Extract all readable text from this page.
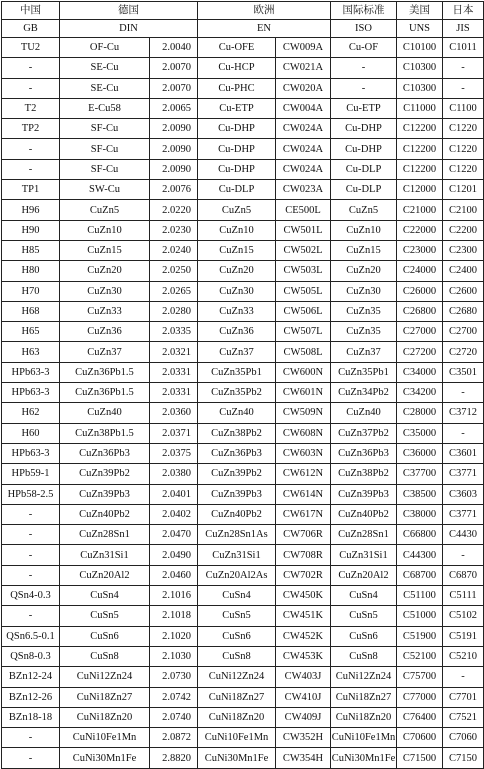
中国	德国		欧洲		国际标准	美国	日本
GB	DIN		EN		ISO	UNS	JIS
TU2	OF-Cu	2.0040	Cu-OFE	CW009A	Cu-OF	C10100	C1011
-	SE-Cu	2.0070	Cu-HCP	CW021A	-	C10300	-
-	SE-Cu	2.0070	Cu-PHC	CW020A	-	C10300	-
T2	E-Cu58	2.0065	Cu-ETP	CW004A	Cu-ETP	C11000	C1100
TP2	SF-Cu	2.0090	Cu-DHP	CW024A	Cu-DHP	C12200	C1220
-	SF-Cu	2.0090	Cu-DHP	CW024A	Cu-DHP	C12200	C1220
-	SF-Cu	2.0090	Cu-DHP	CW024A	Cu-DLP	C12200	C1220
TP1	SW-Cu	2.0076	Cu-DLP	CW023A	Cu-DLP	C12000	C1201
H96	CuZn5	2.0220	CuZn5	CE500L	CuZn5	C21000	C2100
H90	CuZn10	2.0230	CuZn10	CW501L	CuZn10	C22000	C2200
H85	CuZn15	2.0240	CuZn15	CW502L	CuZn15	C23000	C2300
H80	CuZn20	2.0250	CuZn20	CW503L	CuZn20	C24000	C2400
H70	CuZn30	2.0265	CuZn30	CW505L	CuZn30	C26000	C2600
H68	CuZn33	2.0280	CuZn33	CW506L	CuZn35	C26800	C2680
H65	CuZn36	2.0335	CuZn36	CW507L	CuZn35	C27000	C2700
H63	CuZn37	2.0321	CuZn37	CW508L	CuZn37	C27200	C2720
HPb63-3	CuZn36Pb1.5	2.0331	CuZn35Pb1	CW600N	CuZn35Pb1	C34000	C3501
HPb63-3	CuZn36Pb1.5	2.0331	CuZn35Pb2	CW601N	CuZn34Pb2	C34200	-
H62	CuZn40	2.0360	CuZn40	CW509N	CuZn40	C28000	C3712
H60	CuZn38Pb1.5	2.0371	CuZn38Pb2	CW608N	CuZn37Pb2	C35000	-
HPb63-3	CuZn36Pb3	2.0375	CuZn36Pb3	CW603N	CuZn36Pb3	C36000	C3601
HPb59-1	CuZn39Pb2	2.0380	CuZn39Pb2	CW612N	CuZn38Pb2	C37700	C3771
HPb58-2.5	CuZn39Pb3	2.0401	CuZn39Pb3	CW614N	CuZn39Pb3	C38500	C3603
-	CuZn40Pb2	2.0402	CuZn40Pb2	CW617N	CuZn40Pb2	C38000	C3771
-	CuZn28Sn1	2.0470	CuZn28Sn1As	CW706R	CuZn28Sn1	C66800	C4430
-	CuZn31Si1	2.0490	CuZn31Si1	CW708R	CuZn31Si1	C44300	-
-	CuZn20Al2	2.0460	CuZn20Al2As	CW702R	CuZn20Al2	C68700	C6870
QSn4-0.3	CuSn4	2.1016	CuSn4	CW450K	CuSn4	C51100	C5111
-	CuSn5	2.1018	CuSn5	CW451K	CuSn5	C51000	C5102
QSn6.5-0.1	CuSn6	2.1020	CuSn6	CW452K	CuSn6	C51900	C5191
QSn8-0.3	CuSn8	2.1030	CuSn8	CW453K	CuSn8	C52100	C5210
BZn12-24	CuNi12Zn24	2.0730	CuNi12Zn24	CW403J	CuNi12Zn24	C75700	-
BZn12-26	CuNi18Zn27	2.0742	CuNi18Zn27	CW410J	CuNi18Zn27	C77000	C7701
BZn18-18	CuNi18Zn20	2.0740	CuNi18Zn20	CW409J	CuNi18Zn20	C76400	C7521
-	CuNi10Fe1Mn	2.0872	CuNi10Fe1Mn	CW352H	CuNi10Fe1Mn	C70600	C7060
-	CuNi30Mn1Fe	2.8820	CuNi30Mn1Fe	CW354H	CuNi30Mn1Fe	C71500	C7150
